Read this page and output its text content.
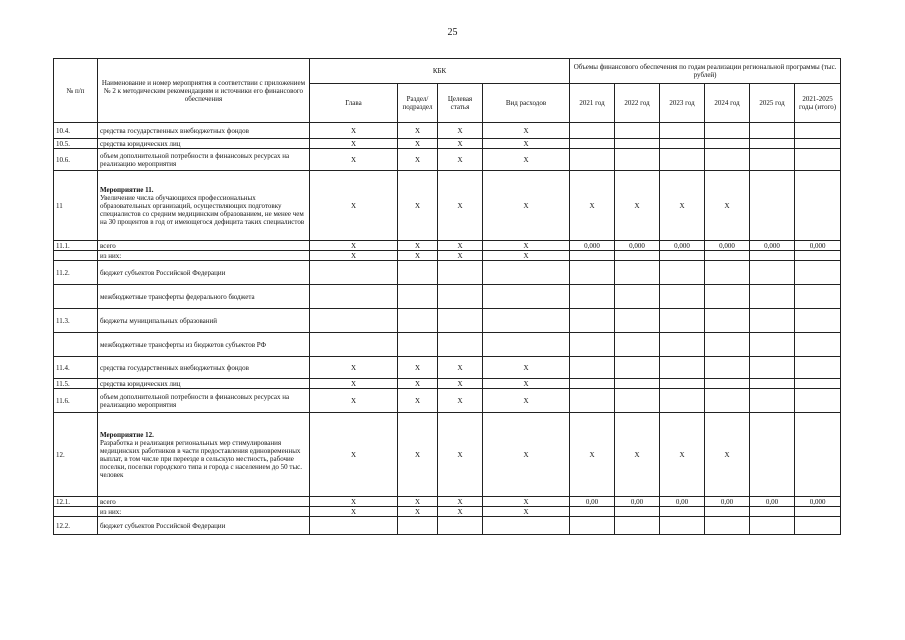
25
№ п/п	Наименование и номер мероприятия в соответствии с приложением № 2 к методическим рекомендациям и источники его финансового обеспечения	КБК				Объемы финансового обеспечения по годам реализации региональной программы (тыс. рублей)					
		Глава	Раздел/ подраздел	Целевая статья	Вид расходов	2021 год	2022 год	2023 год	2024 год	2025 год	2021-2025 годы (итого)
10.4.	средства государственных внебюджетных фондов	X	X	X	X						
10.5.	средства юридических лиц	X	X	X	X						
10.6.	объем дополнительной потребности в финансовых ресурсах на реализацию мероприятия	X	X	X	X						
11	Мероприятие 11.
Увеличение числа обучающихся профессиональных образовательных организаций, осуществляющих подготовку специалистов со средним медицинским образованием, не менее чем на 30 процентов в год от имеющегося дефицита таких специалистов	X	X	X	X	X	X	X	X		
11.1.	всего	X	X	X	X	0,000	0,000	0,000	0,000	0,000	0,000

	из них:	X	X	X	X						
11.2.	бюджет субъектов Российской Федерации										

	межбюджетные трансферты федерального бюджета										

11.3.	бюджеты муниципальных образований										

	межбюджетные трансферты из бюджетов субъектов РФ										

11.4.	средства государственных внебюджетных фондов	X	X	X	X						
11.5.	средства юридических лиц	X	X	X	X						
11.6.	объем дополнительной потребности в финансовых ресурсах на реализацию мероприятия	X	X	X	X						
12.	Мероприятие 12.
Разработка и реализация региональных мер стимулирования медицинских работников в части предоставления единовременных выплат, в том числе при переезде в сельскую местность, рабочие поселки, поселки городского типа и города с населением до 50 тыс. человек	X	X	X	X	X	X	X	X		
12.1.	всего	X	X	X	X	0,00	0,00	0,00	0,00	0,00	0,000

	из них:	X	X	X	X						
12.2.	бюджет субъектов Российской Федерации										
